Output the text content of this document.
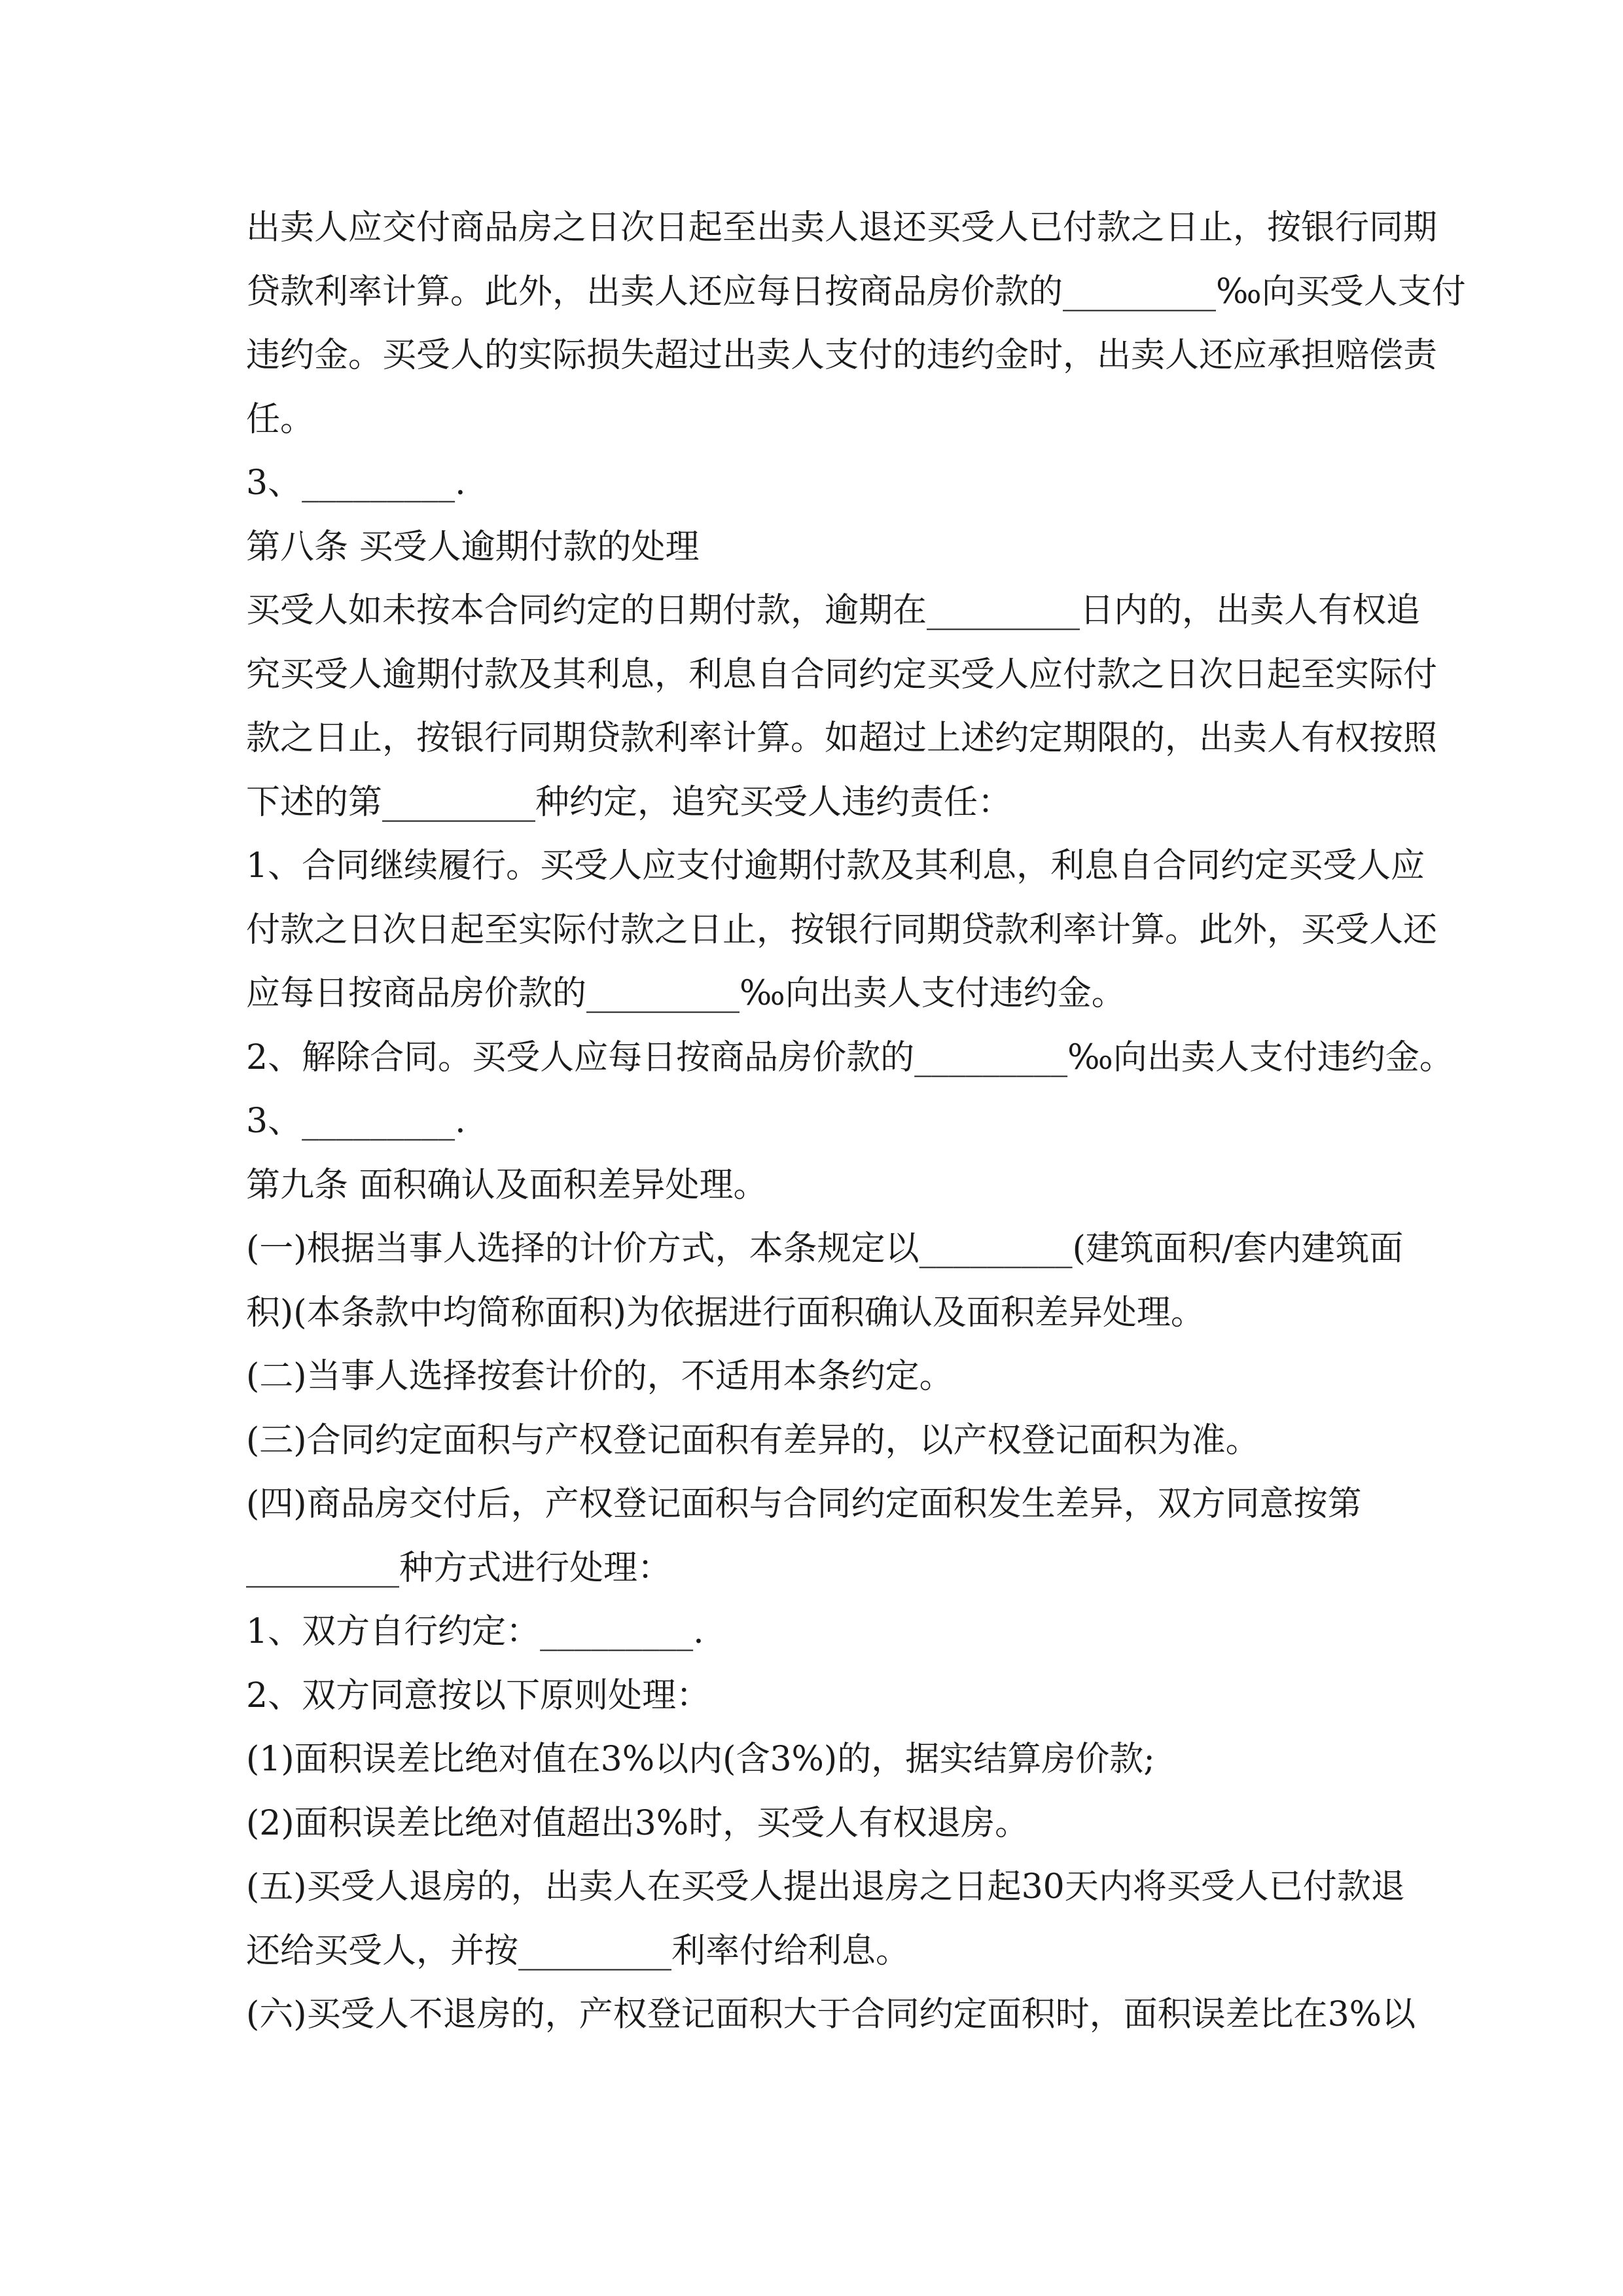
出卖人应交付商品房之日次日起至出卖人退还买受人已付款之日止，按银行同期
贷款利率计算。此外，出卖人还应每日按商品房价款的_________‰向买受人支付
违约金。买受人的实际损失超过出卖人支付的违约金时，出卖人还应承担赔偿责
任。
3、_________.
第八条 买受人逾期付款的处理
买受人如未按本合同约定的日期付款，逾期在_________日内的，出卖人有权追
究买受人逾期付款及其利息，利息自合同约定买受人应付款之日次日起至实际付
款之日止，按银行同期贷款利率计算。如超过上述约定期限的，出卖人有权按照
下述的第_________种约定，追究买受人违约责任：
1、合同继续履行。买受人应支付逾期付款及其利息，利息自合同约定买受人应
付款之日次日起至实际付款之日止，按银行同期贷款利率计算。此外，买受人还
应每日按商品房价款的_________‰向出卖人支付违约金。
2、解除合同。买受人应每日按商品房价款的_________‰向出卖人支付违约金。
3、_________.
第九条 面积确认及面积差异处理。
(一)根据当事人选择的计价方式，本条规定以_________(建筑面积/套内建筑面
积)(本条款中均简称面积)为依据进行面积确认及面积差异处理。
(二)当事人选择按套计价的，不适用本条约定。
(三)合同约定面积与产权登记面积有差异的，以产权登记面积为准。
(四)商品房交付后，产权登记面积与合同约定面积发生差异，双方同意按第
_________种方式进行处理：
1、双方自行约定：_________.
2、双方同意按以下原则处理：
(1)面积误差比绝对值在3%以内(含3%)的，据实结算房价款;
(2)面积误差比绝对值超出3%时，买受人有权退房。
(五)买受人退房的，出卖人在买受人提出退房之日起30天内将买受人已付款退
还给买受人，并按_________利率付给利息。
(六)买受人不退房的，产权登记面积大于合同约定面积时，面积误差比在3%以
